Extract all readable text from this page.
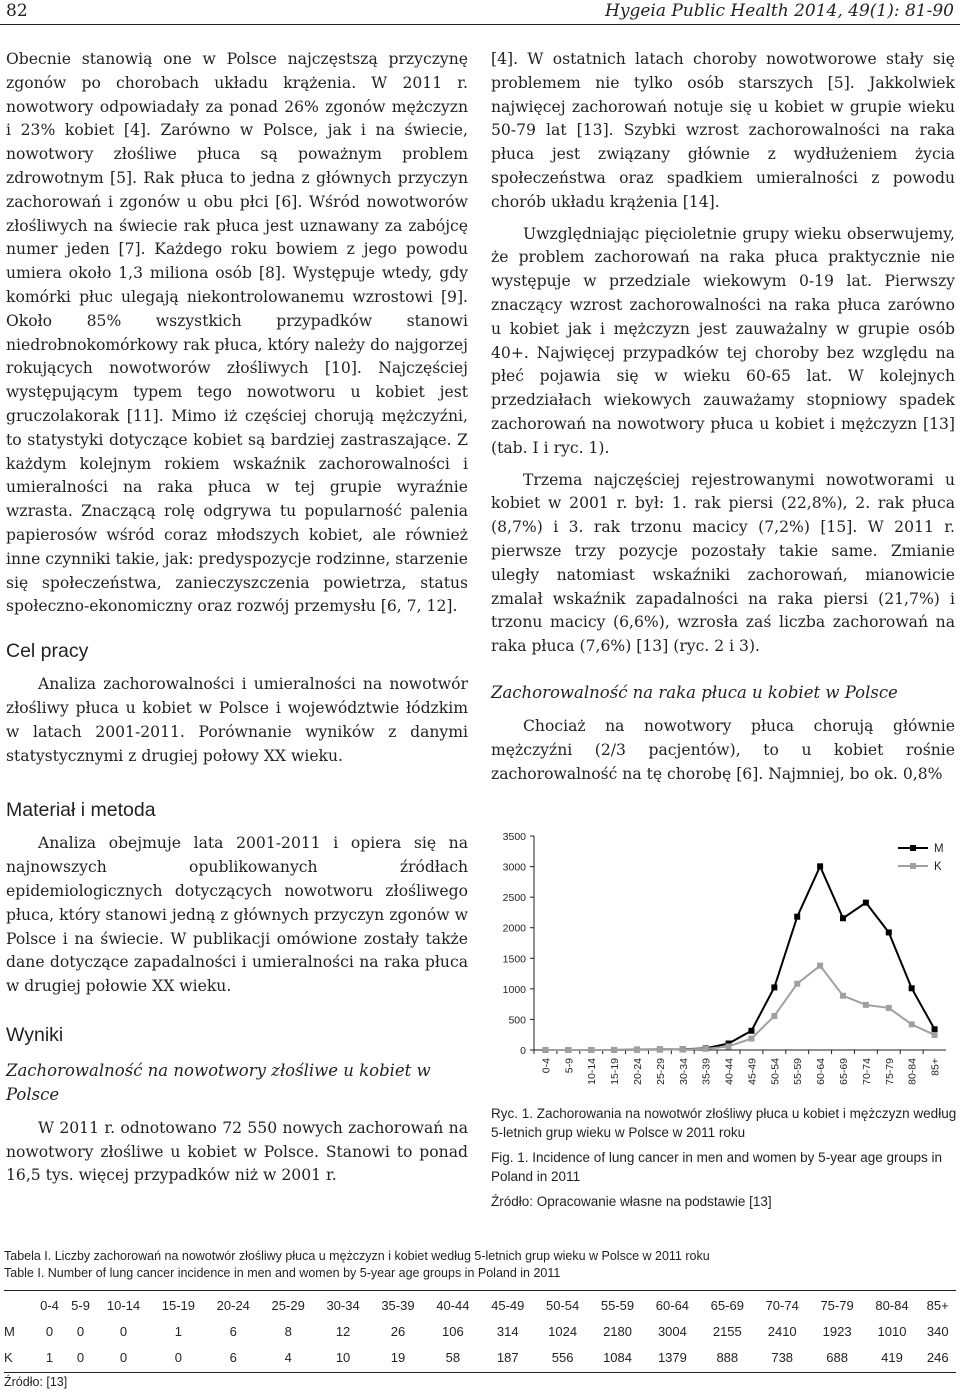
82	Hygeia Public Health 2014, 49(1): 81-90

Obecnie stanowią one w Polsce najczęstszą przyczynę zgonów po chorobach układu krążenia. W 2011 r. nowotwory odpowiadały za ponad 26% zgonów mężczyzn i 23% kobiet [4]. Zarówno w Polsce, jak i na świecie, nowotwory złośliwe płuca są poważnym problem zdrowotnym [5]. Rak płuca to jedna z głównych przyczyn zachorowań i zgonów u obu płci [6]. Wśród nowotworów złośliwych na świecie rak płuca jest uznawany za zabójcę numer jeden [7]. Każdego roku bowiem z jego powodu umiera około 1,3 miliona osób [8]. Występuje wtedy, gdy komórki płuc ulegają niekontrolowanemu wzrostowi [9]. Około 85% wszystkich przypadków stanowi niedrobnokomórkowy rak płuca, który należy do najgorzej rokujących nowotworów złośliwych [10]. Najczęściej występującym typem tego nowotworu u kobiet jest gruczolakorak [11]. Mimo iż częściej chorują mężczyźni, to statystyki dotyczące kobiet są bardziej zastraszające. Z każdym kolejnym rokiem wskaźnik zachorowalności i umieralności na raka płuca w tej grupie wyraźnie wzrasta. Znaczącą rolę odgrywa tu popularność palenia papierosów wśród coraz młodszych kobiet, ale również inne czynniki takie, jak: predyspozycje rodzinne, starzenie się społeczeństwa, zanieczyszczenia powietrza, status społeczno-ekonomiczny oraz rozwój przemysłu [6, 7, 12].

Cel pracy

Analiza zachorowalności i umieralności na nowotwór złośliwy płuca u kobiet w Polsce i województwie łódzkim w latach 2001-2011. Porównanie wyników z danymi statystycznymi z drugiej połowy XX wieku.

Materiał i metoda

Analiza obejmuje lata 2001-2011 i opiera się na najnowszych opublikowanych źródłach epidemiologicznych dotyczących nowotworu złośliwego płuca, który stanowi jedną z głównych przyczyn zgonów w Polsce i na świecie. W publikacji omówione zostały także dane dotyczące zapadalności i umieralności na raka płuca w drugiej połowie XX wieku.

Wyniki
Zachorowalność na nowotwory złośliwe u kobiet w Polsce

W 2011 r. odnotowano 72 550 nowych zachorowań na nowotwory złośliwe u kobiet w Polsce. Stanowi to ponad 16,5 tys. więcej przypadków niż w 2001 r.

[4]. W ostatnich latach choroby nowotworowe stały się problemem nie tylko osób starszych [5]. Jakkolwiek najwięcej zachorowań notuje się u kobiet w grupie wieku 50-79 lat [13]. Szybki wzrost zachorowalności na raka płuca jest związany głównie z wydłużeniem życia społeczeństwa oraz spadkiem umieralności z powodu chorób układu krążenia [14].

Uwzględniając pięcioletnie grupy wieku obserwujemy, że problem zachorowań na raka płuca praktycznie nie występuje w przedziale wiekowym 0-19 lat. Pierwszy znaczący wzrost zachorowalności na raka płuca zarówno u kobiet jak i mężczyzn jest zauważalny w grupie osób 40+. Najwięcej przypadków tej choroby bez względu na płeć pojawia się w wieku 60-65 lat. W kolejnych przedziałach wiekowych zauważamy stopniowy spadek zachorowań na nowotwory płuca u kobiet i mężczyzn [13] (tab. I i ryc. 1).

Trzema najczęściej rejestrowanymi nowotworami u kobiet w 2001 r. był: 1. rak piersi (22,8%), 2. rak płuca (8,7%) i 3. rak trzonu macicy (7,2%) [15]. W 2011 r. pierwsze trzy pozycje pozostały takie same. Zmianie uległy natomiast wskaźniki zachorowań, mianowicie zmalał wskaźnik zapadalności na raka piersi (21,7%) i trzonu macicy (6,6%), wzrosła zaś liczba zachorowań na raka płuca (7,6%) [13] (ryc. 2 i 3).

Zachorowalność na raka płuca u kobiet w Polsce

Chociaż na nowotwory płuca chorują głównie mężczyźni (2/3 pacjentów), to u kobiet rośnie zachorowalność na tę chorobę [6]. Najmniej, bo ok. 0,8%

0
500
1000
1500
2000
2500
3000
3500
0-4 5-9 10-14 15-19 20-24 25-29 30-34 35-39 40-44 45-49 50-54 55-59 60-64 65-69 70-74 75-79 80-84 85+
M
K
Ryc. 1. Zachorowania na nowotwór złośliwy płuca u kobiet i mężczyzn według 5-letnich grup wieku w Polsce w 2011 roku
Fig. 1. Incidence of lung cancer in men and women by 5-year age groups in Poland in 2011
Źródło: Opracowanie własne na podstawie [13]
Tabela I. Liczby zachorowań na nowotwór złośliwy płuca u mężczyzn i kobiet według 5-letnich grup wieku w Polsce w 2011 roku
Table I. Number of lung cancer incidence in men and women by 5-year age groups in Poland in 2011
	0-4	5-9	10-14	15-19	20-24	25-29	30-34	35-39	40-44	45-49	50-54	55-59	60-64	65-69	70-74	75-79	80-84	85+
M	0	0	0	1	6	8	12	26	106	314	1024	2180	3004	2155	2410	1923	1010	340
K	1	0	0	0	6	4	10	19	58	187	556	1084	1379	888	738	688	419	246
Źródło: [13]
